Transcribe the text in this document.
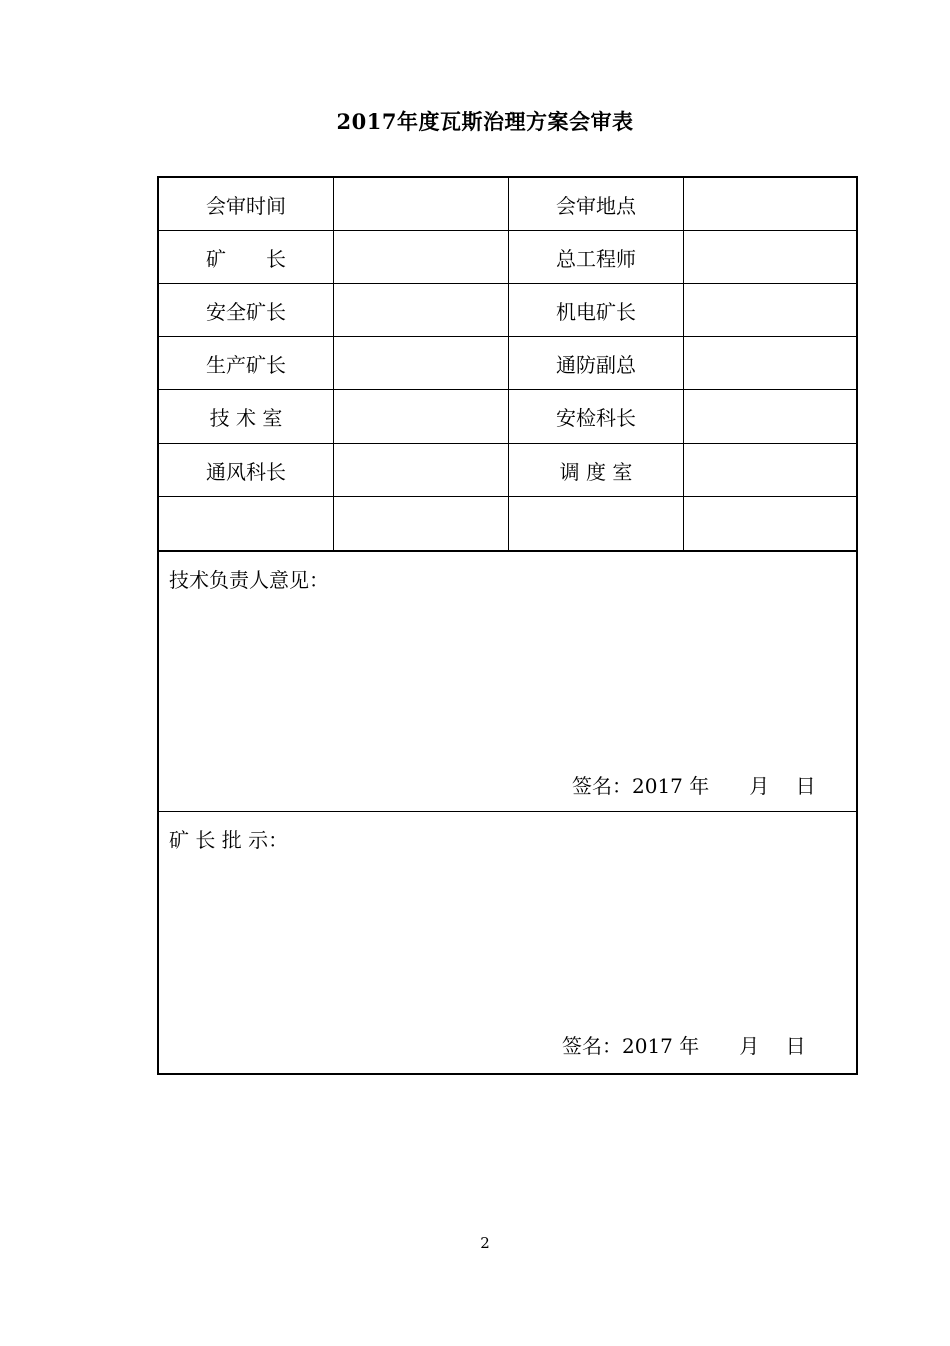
2017年度瓦斯治理方案会审表
会审时间	会审地点
矿　　长	总工程师
安全矿长	机电矿长
生产矿长	通防副总
技 术 室	安检科长
通风科长	调 度 室
技术负责人意见：
签名：2017 年　　月　 日
矿 长 批 示：
签名：2017 年　　月　 日
2
